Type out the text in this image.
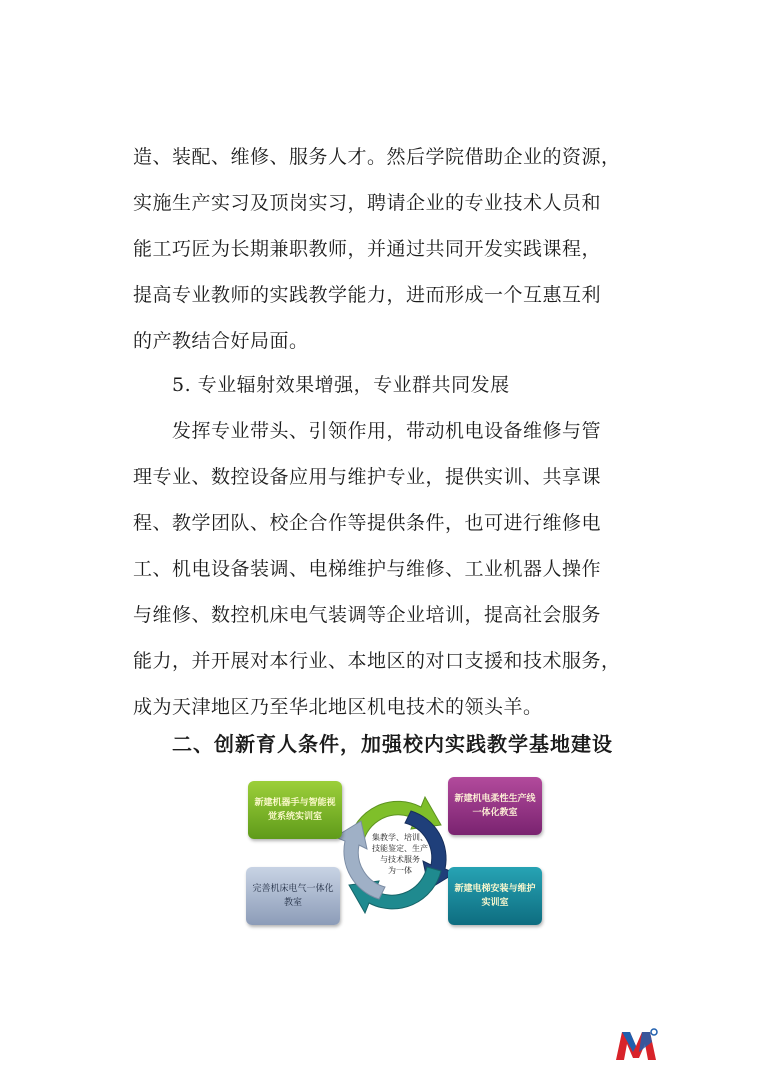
造、装配、维修、服务人才。然后学院借助企业的资源，
实施生产实习及顶岗实习，聘请企业的专业技术人员和
能工巧匠为长期兼职教师，并通过共同开发实践课程，
提高专业教师的实践教学能力，进而形成一个互惠互利
的产教结合好局面。
5. 专业辐射效果增强，专业群共同发展
发挥专业带头、引领作用，带动机电设备维修与管
理专业、数控设备应用与维护专业，提供实训、共享课
程、教学团队、校企合作等提供条件，也可进行维修电
工、机电设备装调、电梯维护与维修、工业机器人操作
与维修、数控机床电气装调等企业培训，提高社会服务
能力，并开展对本行业、本地区的对口支援和技术服务，
成为天津地区乃至华北地区机电技术的领头羊。
二、创新育人条件，加强校内实践教学基地建设
集教学、培训、
技能鉴定、生产
与技术服务
为一体
新建机器手与智能视觉系统实训室
新建机电柔性生产线一体化教室
完善机床电气一体化教室
新建电梯安装与维护实训室
